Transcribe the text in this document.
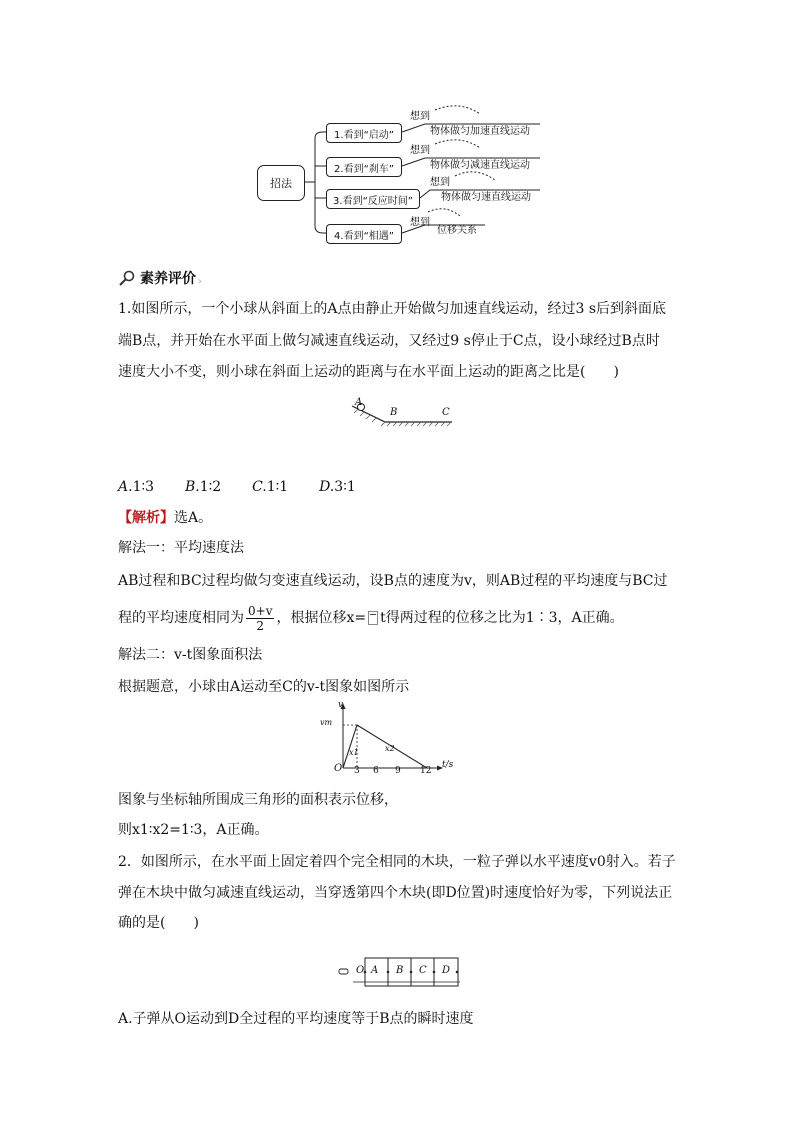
招法
1.看到“启动”
想到
物体做匀加速直线运动
2.看到“刹车”
想到
物体做匀减速直线运动
3.看到“反应时间”
想到
物体做匀速直线运动
4.看到“相遇”
想到
位移关系
素养评价 ›
1.如图所示，一个小球从斜面上的A点由静止开始做匀加速直线运动，经过3 s后到斜面底
端B点，并开始在水平面上做匀减速直线运动，又经过9 s停止于C点，设小球经过B点时
速度大小不变，则小球在斜面上运动的距离与在水平面上运动的距离之比是(　　)
A
B	C
A.1∶3 B.1∶2 C.1∶1 D.3∶1
【解析】选A。
解法一：平均速度法
AB过程和BC过程均做匀变速直线运动，设B点的速度为v，则AB过程的平均速度与BC过
程的平均速度相同为 $\frac{0+v}{2}$ ，根据位移x= t得两过程的位移之比为1∶3，A正确。
解法二：v-t图象面积法
根据题意，小球由A运动至C的v-t图象如图所示
v
vm
O
x1	x2
3 6 9 12
t/s
图象与坐标轴所围成三角形的面积表示位移，
则x1∶x2=1∶3，A正确。
2．如图所示，在水平面上固定着四个完全相同的木块，一粒子弹以水平速度v0射入。若子
弹在木块中做匀减速直线运动，当穿透第四个木块(即D位置)时速度恰好为零，下列说法正
确的是(　　)
O A B C D
A.子弹从O运动到D全过程的平均速度等于B点的瞬时速度
